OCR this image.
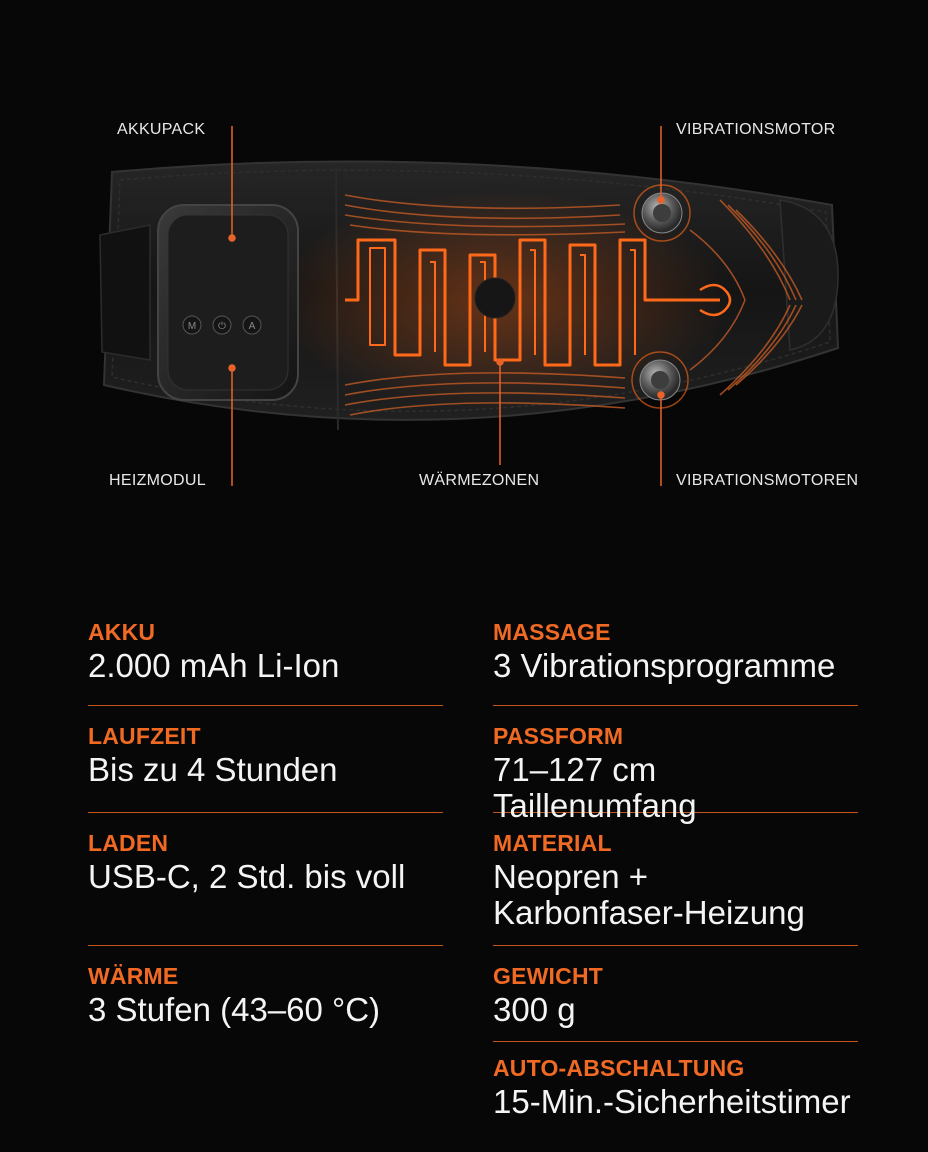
M ⏻ A
AKKUPACK	VIBRATIONSMOTOR
HEIZMODUL	WÄRMEZONEN	VIBRATIONSMOTOREN
AKKU
2.000 mAh Li-Ion
LAUFZEIT
Bis zu 4 Stunden
LADEN
USB-C, 2 Std. bis voll
WÄRME
3 Stufen (43–60 °C)
MASSAGE
3 Vibrationsprogramme
PASSFORM
71–127 cm Taillenumfang
MATERIAL
Neopren + Karbonfaser-Heizung
GEWICHT
300 g
AUTO-ABSCHALTUNG
15-Min.-Sicherheitstimer
